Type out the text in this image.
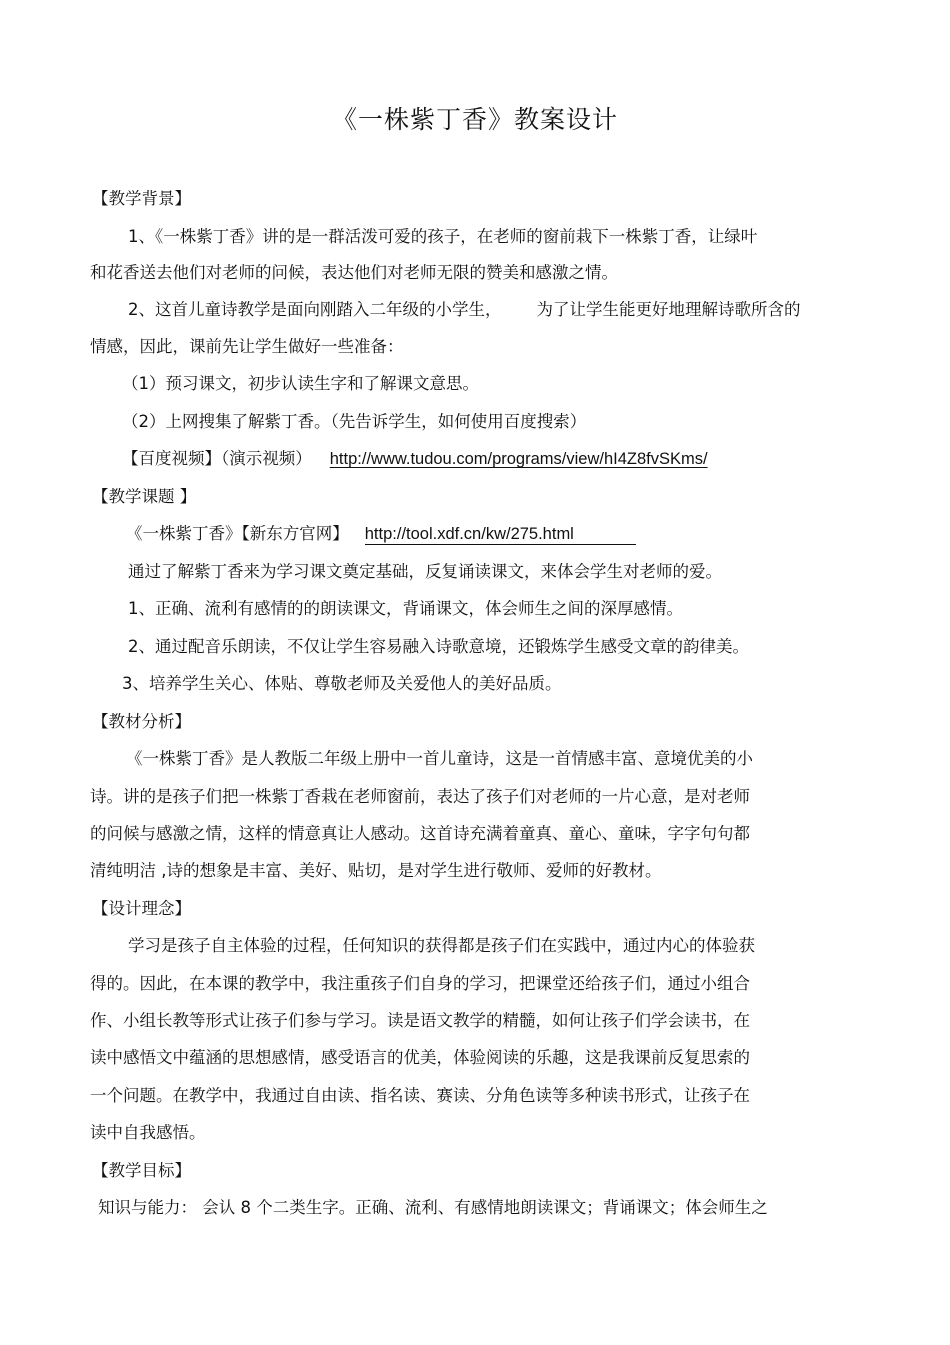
《一株紫丁香》教案设计
【教学背景】
1、《一株紫丁香》讲的是一群活泼可爱的孩子，在老师的窗前栽下一株紫丁香，让绿叶
和花香送去他们对老师的问候，表达他们对老师无限的赞美和感激之情。
2、这首儿童诗教学是面向刚踏入二年级的小学生， 为了让学生能更好地理解诗歌所含的
情感，因此，课前先让学生做好一些准备：
（1）预习课文，初步认读生字和了解课文意思。
（2）上网搜集了解紫丁香。（先告诉学生，如何使用百度搜索）
【百度视频】（演示视频） http://www.tudou.com/programs/view/hI4Z8fvSKms/
【教学课题 】
《一株紫丁香》【新东方官网】 http://tool.xdf.cn/kw/275.html
通过了解紫丁香来为学习课文奠定基础，反复诵读课文，来体会学生对老师的爱。
1、正确、流利有感情的的朗读课文，背诵课文，体会师生之间的深厚感情。
2、通过配音乐朗读，不仅让学生容易融入诗歌意境，还锻炼学生感受文章的韵律美。
3、培养学生关心、体贴、尊敬老师及关爱他人的美好品质。
【教材分析】
《一株紫丁香》是人教版二年级上册中一首儿童诗，这是一首情感丰富、意境优美的小
诗。讲的是孩子们把一株紫丁香栽在老师窗前，表达了孩子们对老师的一片心意，是对老师
的问候与感激之情，这样的情意真让人感动。这首诗充满着童真、童心、童味，字字句句都
清纯明洁 ,诗的想象是丰富、美好、贴切，是对学生进行敬师、爱师的好教材。
【设计理念】
学习是孩子自主体验的过程，任何知识的获得都是孩子们在实践中，通过内心的体验获
得的。因此，在本课的教学中，我注重孩子们自身的学习，把课堂还给孩子们，通过小组合
作、小组长教等形式让孩子们参与学习。读是语文教学的精髓，如何让孩子们学会读书，在
读中感悟文中蕴涵的思想感情，感受语言的优美，体验阅读的乐趣，这是我课前反复思索的
一个问题。在教学中，我通过自由读、指名读、赛读、分角色读等多种读书形式，让孩子在
读中自我感悟。
【教学目标】
知识与能力： 会认 8 个二类生字。正确、流利、有感情地朗读课文；背诵课文；体会师生之
